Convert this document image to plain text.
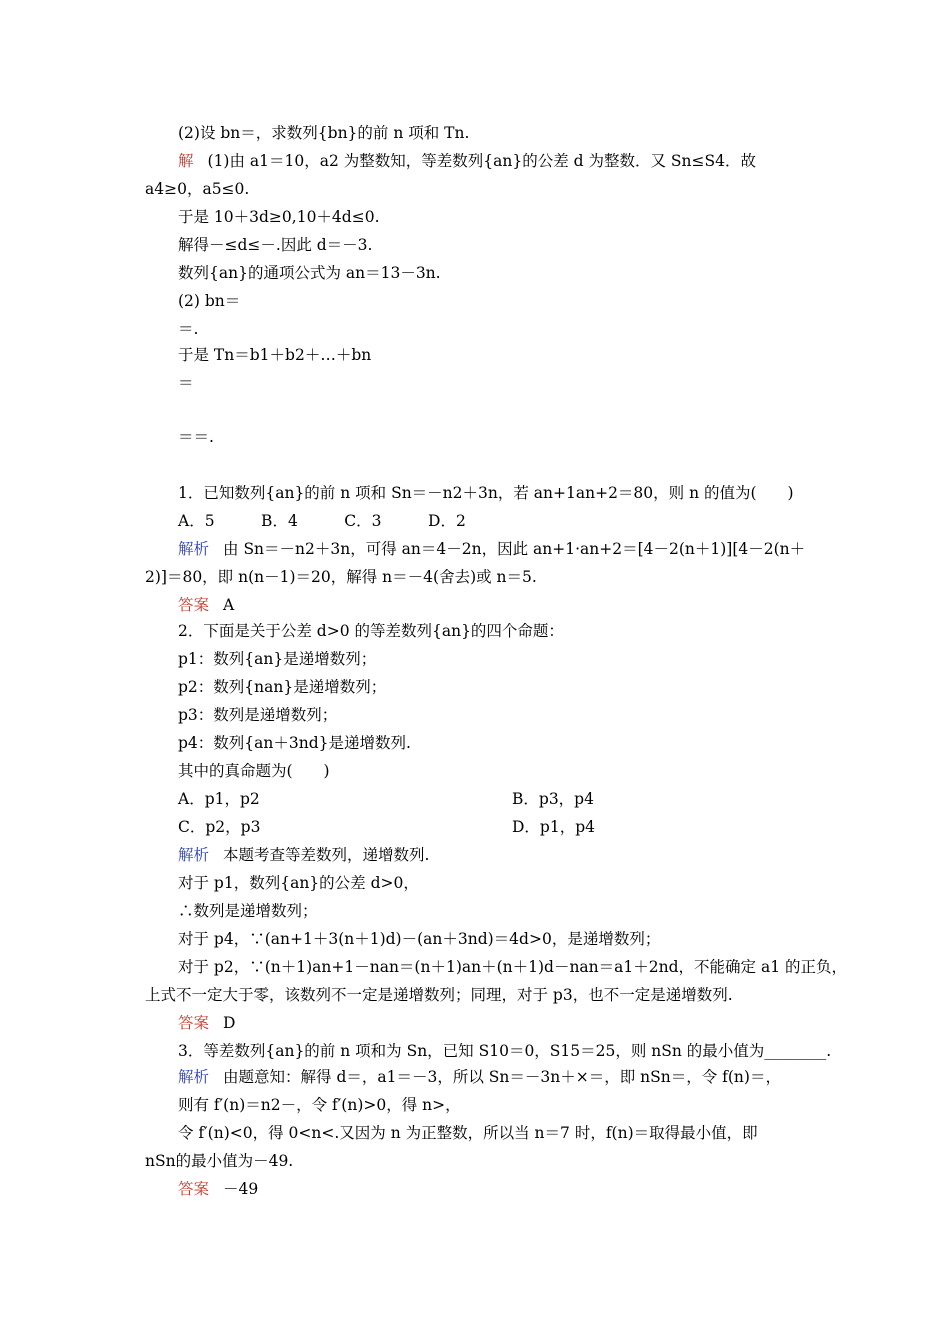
(2)设 bn＝，求数列{bn}的前 n 项和 Tn.
解 (1)由 a1＝10，a2 为整数知，等差数列{an}的公差 d 为整数．又 Sn≤S4．故
a4≥0，a5≤0.
于是 10＋3d≥0,10＋4d≤0.
解得－≤d≤－.因此 d＝－3.
数列{an}的通项公式为 an＝13－3n.
(2) bn＝
＝.
于是 Tn＝b1＋b2＋…＋bn
＝
＝＝.
1．已知数列{an}的前 n 项和 Sn＝－n2＋3n，若 an+1an+2＝80，则 n 的值为(　　)
A．5　　　B．4　　　C．3　　　D．2
解析 由 Sn＝－n2＋3n，可得 an＝4－2n，因此 an+1·an+2＝[4－2(n＋1)][4－2(n＋
2)]＝80，即 n(n－1)＝20，解得 n＝－4(舍去)或 n＝5.
答案 A
2．下面是关于公差 d>0 的等差数列{an}的四个命题：
p1：数列{an}是递增数列；
p2：数列{nan}是递增数列；
p3：数列是递增数列；
p4：数列{an＋3nd}是递增数列.
其中的真命题为(　　)
A．p1，p2	B．p3，p4
C．p2，p3	D．p1，p4
解析 本题考查等差数列，递增数列.
对于 p1，数列{an}的公差 d>0，
∴数列是递增数列；
对于 p4，∵(an+1＋3(n＋1)d)－(an＋3nd)＝4d>0，是递增数列；
对于 p2，∵(n＋1)an+1－nan＝(n＋1)an＋(n＋1)d－nan＝a1＋2nd，不能确定 a1 的正负，
上式不一定大于零，该数列不一定是递增数列；同理，对于 p3，也不一定是递增数列.
答案 D
3．等差数列{an}的前 n 项和为 Sn，已知 S10＝0，S15＝25，则 nSn 的最小值为________.
解析 由题意知：解得 d＝，a1＝－3，所以 Sn＝－3n＋×＝，即 nSn＝，令 f(n)＝，
则有 f′(n)＝n2－，令 f′(n)>0，得 n>，
令 f′(n)<0，得 0<n<.又因为 n 为正整数，所以当 n＝7 时，f(n)＝取得最小值，即
nSn的最小值为－49.
答案 －49
